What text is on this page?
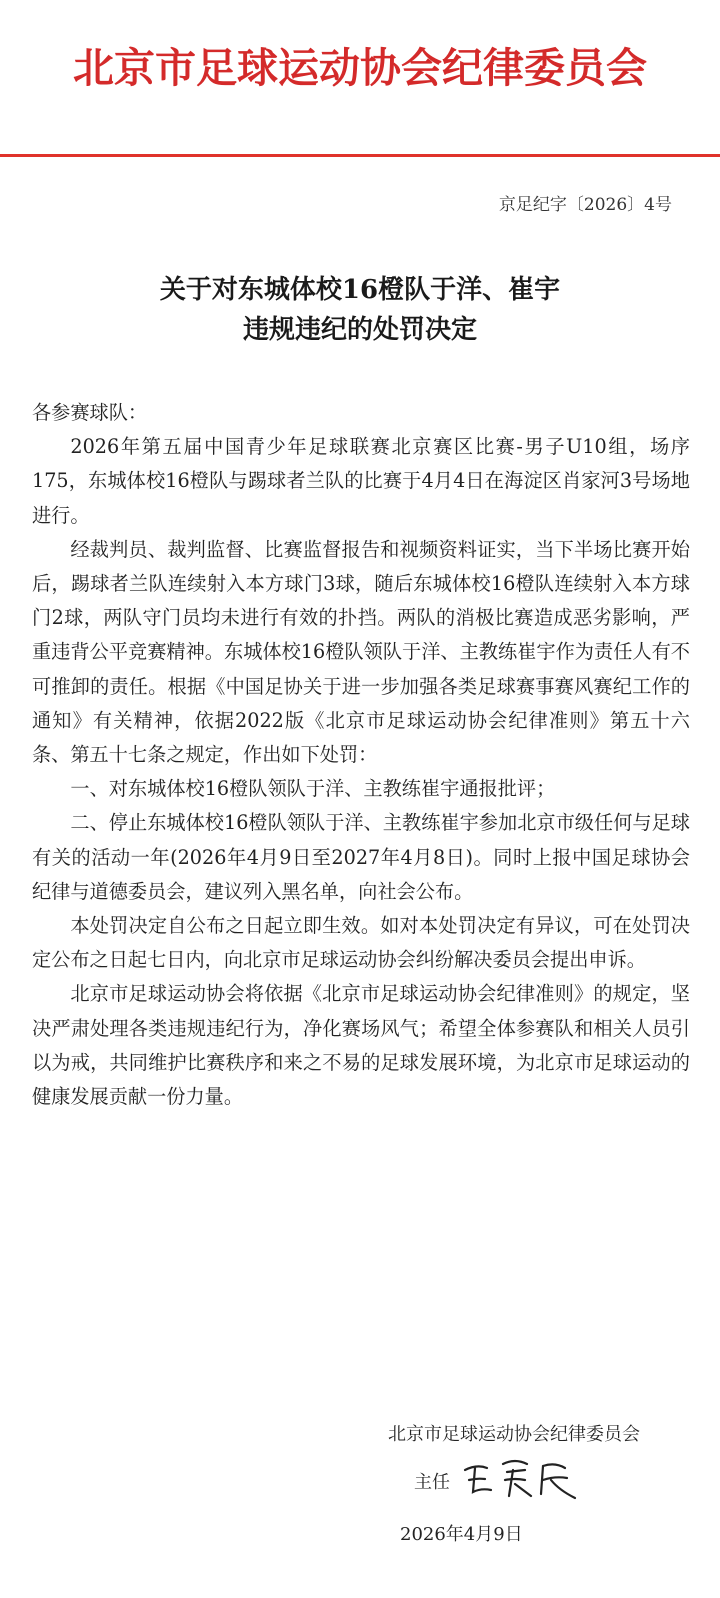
北京市足球运动协会纪律委员会
京足纪字〔2026〕4号
关于对东城体校16橙队于洋、崔宇
违规违纪的处罚决定

各参赛球队：

2026年第五届中国青少年足球联赛北京赛区比赛-男子U10组，场序175，东城体校16橙队与踢球者兰队的比赛于4月4日在海淀区肖家河3号场地进行。

经裁判员、裁判监督、比赛监督报告和视频资料证实，当下半场比赛开始后，踢球者兰队连续射入本方球门3球，随后东城体校16橙队连续射入本方球门2球，两队守门员均未进行有效的扑挡。两队的消极比赛造成恶劣影响，严重违背公平竞赛精神。东城体校16橙队领队于洋、主教练崔宇作为责任人有不可推卸的责任。根据《中国足协关于进一步加强各类足球赛事赛风赛纪工作的通知》有关精神，依据2022版《北京市足球运动协会纪律准则》第五十六条、第五十七条之规定，作出如下处罚：

一、对东城体校16橙队领队于洋、主教练崔宇通报批评；

二、停止东城体校16橙队领队于洋、主教练崔宇参加北京市级任何与足球有关的活动一年(2026年4月9日至2027年4月8日)。同时上报中国足球协会纪律与道德委员会，建议列入黑名单，向社会公布。

本处罚决定自公布之日起立即生效。如对本处罚决定有异议，可在处罚决定公布之日起七日内，向北京市足球运动协会纠纷解决委员会提出申诉。

北京市足球运动协会将依据《北京市足球运动协会纪律准则》的规定，坚决严肃处理各类违规违纪行为，净化赛场风气；希望全体参赛队和相关人员引以为戒，共同维护比赛秩序和来之不易的足球发展环境，为北京市足球运动的健康发展贡献一份力量。

北京市足球运动协会纪律委员会
主任
2026年4月9日
